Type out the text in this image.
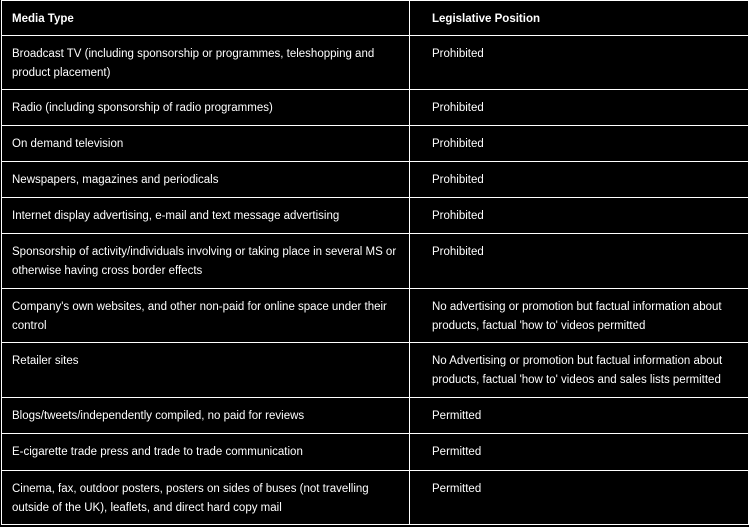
Media Type	Legislative Position
Broadcast TV (including sponsorship or programmes, teleshopping and product placement)	Prohibited
Radio (including sponsorship of radio programmes)	Prohibited
On demand television	Prohibited
Newspapers, magazines and periodicals	Prohibited
Internet display advertising, e-mail and text message advertising	Prohibited
Sponsorship of activity/individuals involving or taking place in several MS or otherwise having cross border effects	Prohibited
Company's own websites, and other non-paid for online space under their control	No advertising or promotion but factual information about products, factual 'how to' videos permitted
Retailer sites	No Advertising or promotion but factual information about products, factual 'how to' videos and sales lists permitted
Blogs/tweets/independently compiled, no paid for reviews	Permitted
E-cigarette trade press and trade to trade communication	Permitted
Cinema, fax, outdoor posters, posters on sides of buses (not travelling outside of the UK), leaflets, and direct hard copy mail	Permitted
